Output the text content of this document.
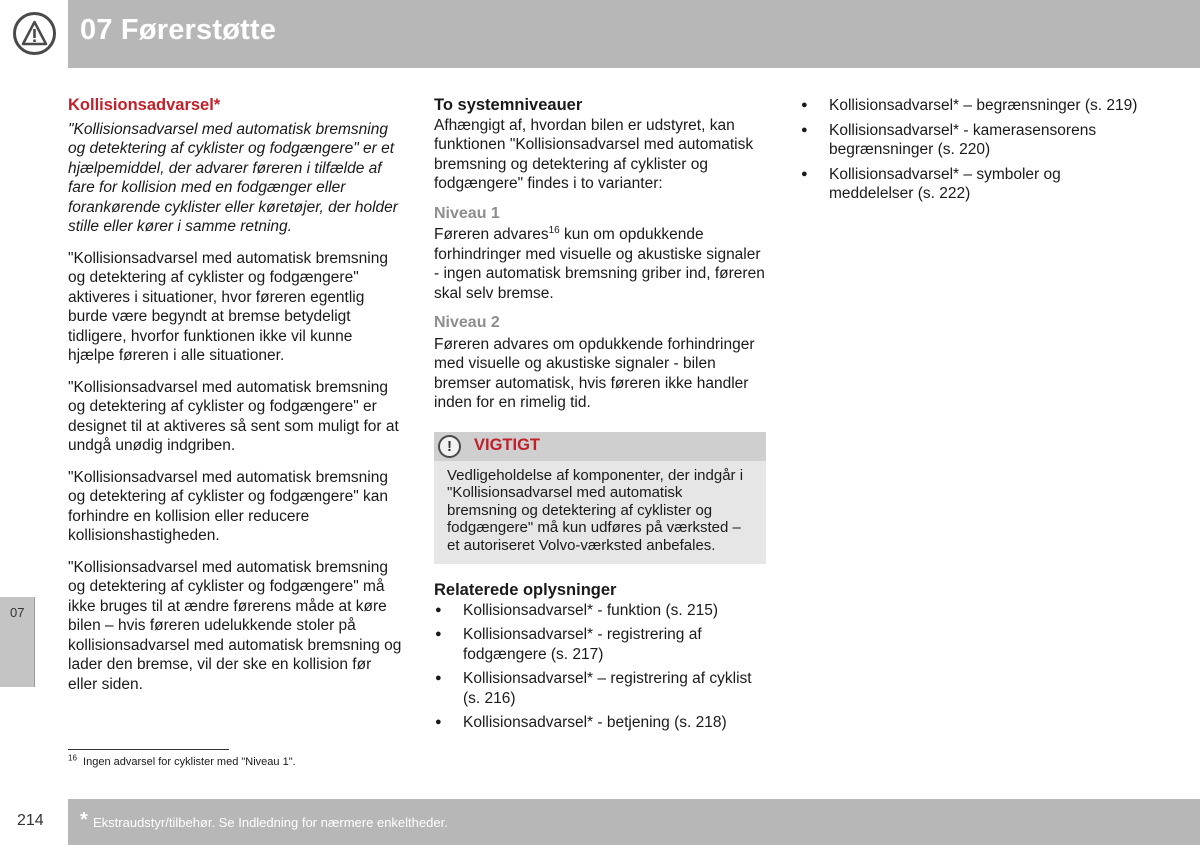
07 Førerstøtte
07
Kollisionsadvarsel*
"Kollisionsadvarsel med automatisk bremsning og detektering af cyklister og fodgængere" er et hjælpemiddel, der advarer føreren i tilfælde af fare for kollision med en fodgænger eller forankørende cyklister eller køretøjer, der holder stille eller kører i samme retning.
"Kollisionsadvarsel med automatisk bremsning og detektering af cyklister og fodgængere" aktiveres i situationer, hvor føreren egentlig burde være begyndt at bremse betydeligt tidligere, hvorfor funktionen ikke vil kunne hjælpe føreren i alle situationer.
"Kollisionsadvarsel med automatisk bremsning og detektering af cyklister og fodgængere" er designet til at aktiveres så sent som muligt for at undgå unødig indgriben.
"Kollisionsadvarsel med automatisk bremsning og detektering af cyklister og fodgængere" kan forhindre en kollision eller reducere kollisionshastigheden.
"Kollisionsadvarsel med automatisk bremsning og detektering af cyklister og fodgængere" må ikke bruges til at ændre førerens måde at køre bilen – hvis føreren udelukkende stoler på kollisionsadvarsel med automatisk bremsning og lader den bremse, vil der ske en kollision før eller siden.
To systemniveauer
Afhængigt af, hvordan bilen er udstyret, kan funktionen "Kollisionsadvarsel med automatisk bremsning og detektering af cyklister og fodgængere" findes i to varianter:
Niveau 1
Føreren advares$^{16}$ kun om opdukkende forhindringer med visuelle og akustiske signaler - ingen automatisk bremsning griber ind, føreren skal selv bremse.
Niveau 2
Føreren advares om opdukkende forhindringer med visuelle og akustiske signaler - bilen bremser automatisk, hvis føreren ikke handler inden for en rimelig tid.
!	VIGTIGT
Vedligeholdelse af komponenter, der indgår i "Kollisionsadvarsel med automatisk bremsning og detektering af cyklister og fodgængere" må kun udføres på værksted – et autoriseret Volvo-værksted anbefales.
Relaterede oplysninger
● Kollisionsadvarsel* - funktion (s. 215)
● Kollisionsadvarsel* - registrering af fodgængere (s. 217)
● Kollisionsadvarsel* – registrering af cyklist (s. 216)
● Kollisionsadvarsel* - betjening (s. 218)
● Kollisionsadvarsel* – begrænsninger (s. 219)
● Kollisionsadvarsel* - kamerasensorens begrænsninger (s. 220)
● Kollisionsadvarsel* – symboler og meddelelser (s. 222)
$^{16}$ Ingen advarsel for cyklister med "Niveau 1".
214 * Ekstraudstyr/tilbehør. Se Indledning for nærmere enkeltheder.
